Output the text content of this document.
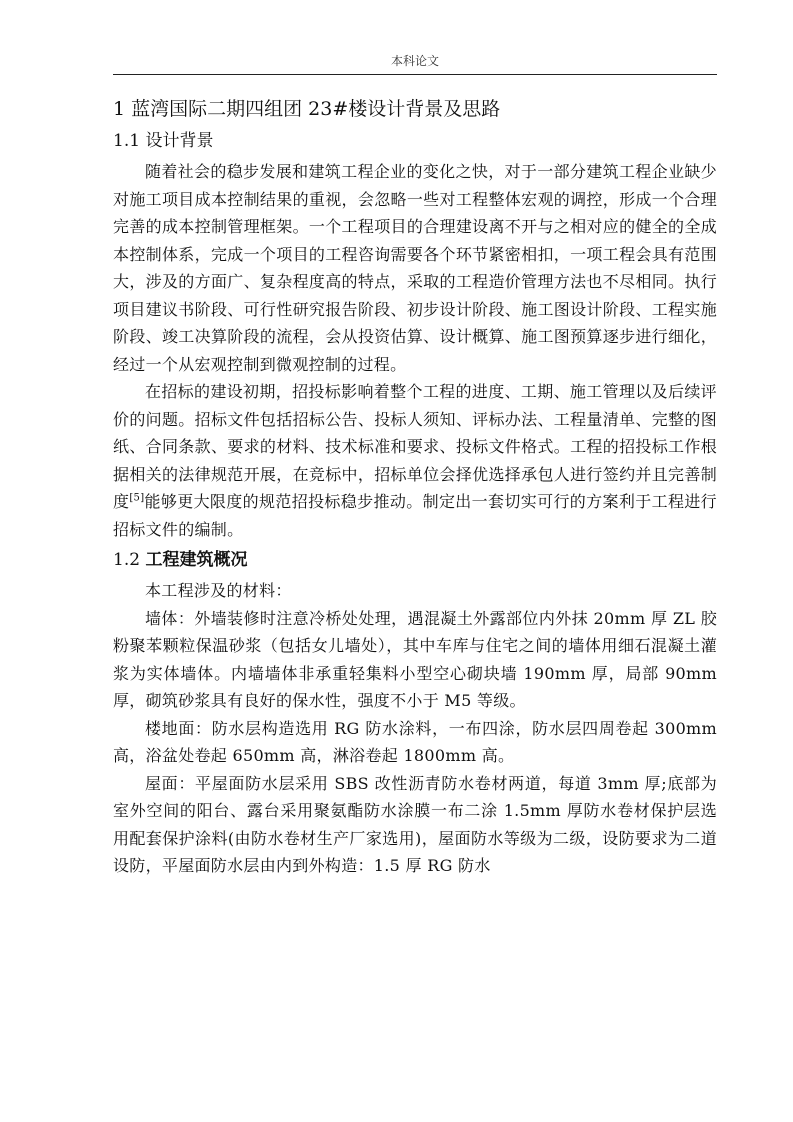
本科论文
1 蓝湾国际二期四组团 23#楼设计背景及思路
1.1 设计背景

随着社会的稳步发展和建筑工程企业的变化之快，对于一部分建筑工程企业缺少对施工项目成本控制结果的重视，会忽略一些对工程整体宏观的调控，形成一个合理完善的成本控制管理框架。一个工程项目的合理建设离不开与之相对应的健全的全成本控制体系，完成一个项目的工程咨询需要各个环节紧密相扣，一项工程会具有范围大，涉及的方面广、复杂程度高的特点，采取的工程造价管理方法也不尽相同。执行项目建议书阶段、可行性研究报告阶段、初步设计阶段、施工图设计阶段、工程实施阶段、竣工决算阶段的流程，会从投资估算、设计概算、施工图预算逐步进行细化，经过一个从宏观控制到微观控制的过程。

在招标的建设初期，招投标影响着整个工程的进度、工期、施工管理以及后续评价的问题。招标文件包括招标公告、投标人须知、评标办法、工程量清单、完整的图纸、合同条款、要求的材料、技术标准和要求、投标文件格式。工程的招投标工作根据相关的法律规范开展，在竞标中，招标单位会择优选择承包人进行签约并且完善制度[5]能够更大限度的规范招投标稳步推动。制定出一套切实可行的方案利于工程进行招标文件的编制。

1.2 工程建筑概况

本工程涉及的材料：

墙体：外墙装修时注意冷桥处处理，遇混凝土外露部位内外抹 20mm 厚 ZL 胶粉聚苯颗粒保温砂浆（包括女儿墙处），其中车库与住宅之间的墙体用细石混凝土灌浆为实体墙体。内墙墙体非承重轻集料小型空心砌块墙 190mm 厚，局部 90mm 厚，砌筑砂浆具有良好的保水性，强度不小于 M5 等级。

楼地面：防水层构造选用 RG 防水涂料，一布四涂，防水层四周卷起 300mm 高，浴盆处卷起 650mm 高，淋浴卷起 1800mm 高。

屋面：平屋面防水层采用 SBS 改性沥青防水卷材两道，每道 3mm 厚;底部为室外空间的阳台、露台采用聚氨酯防水涂膜一布二涂 1.5mm 厚防水卷材保护层选用配套保护涂料(由防水卷材生产厂家选用)，屋面防水等级为二级，设防要求为二道设防，平屋面防水层由内到外构造：1.5 厚 RG 防水
